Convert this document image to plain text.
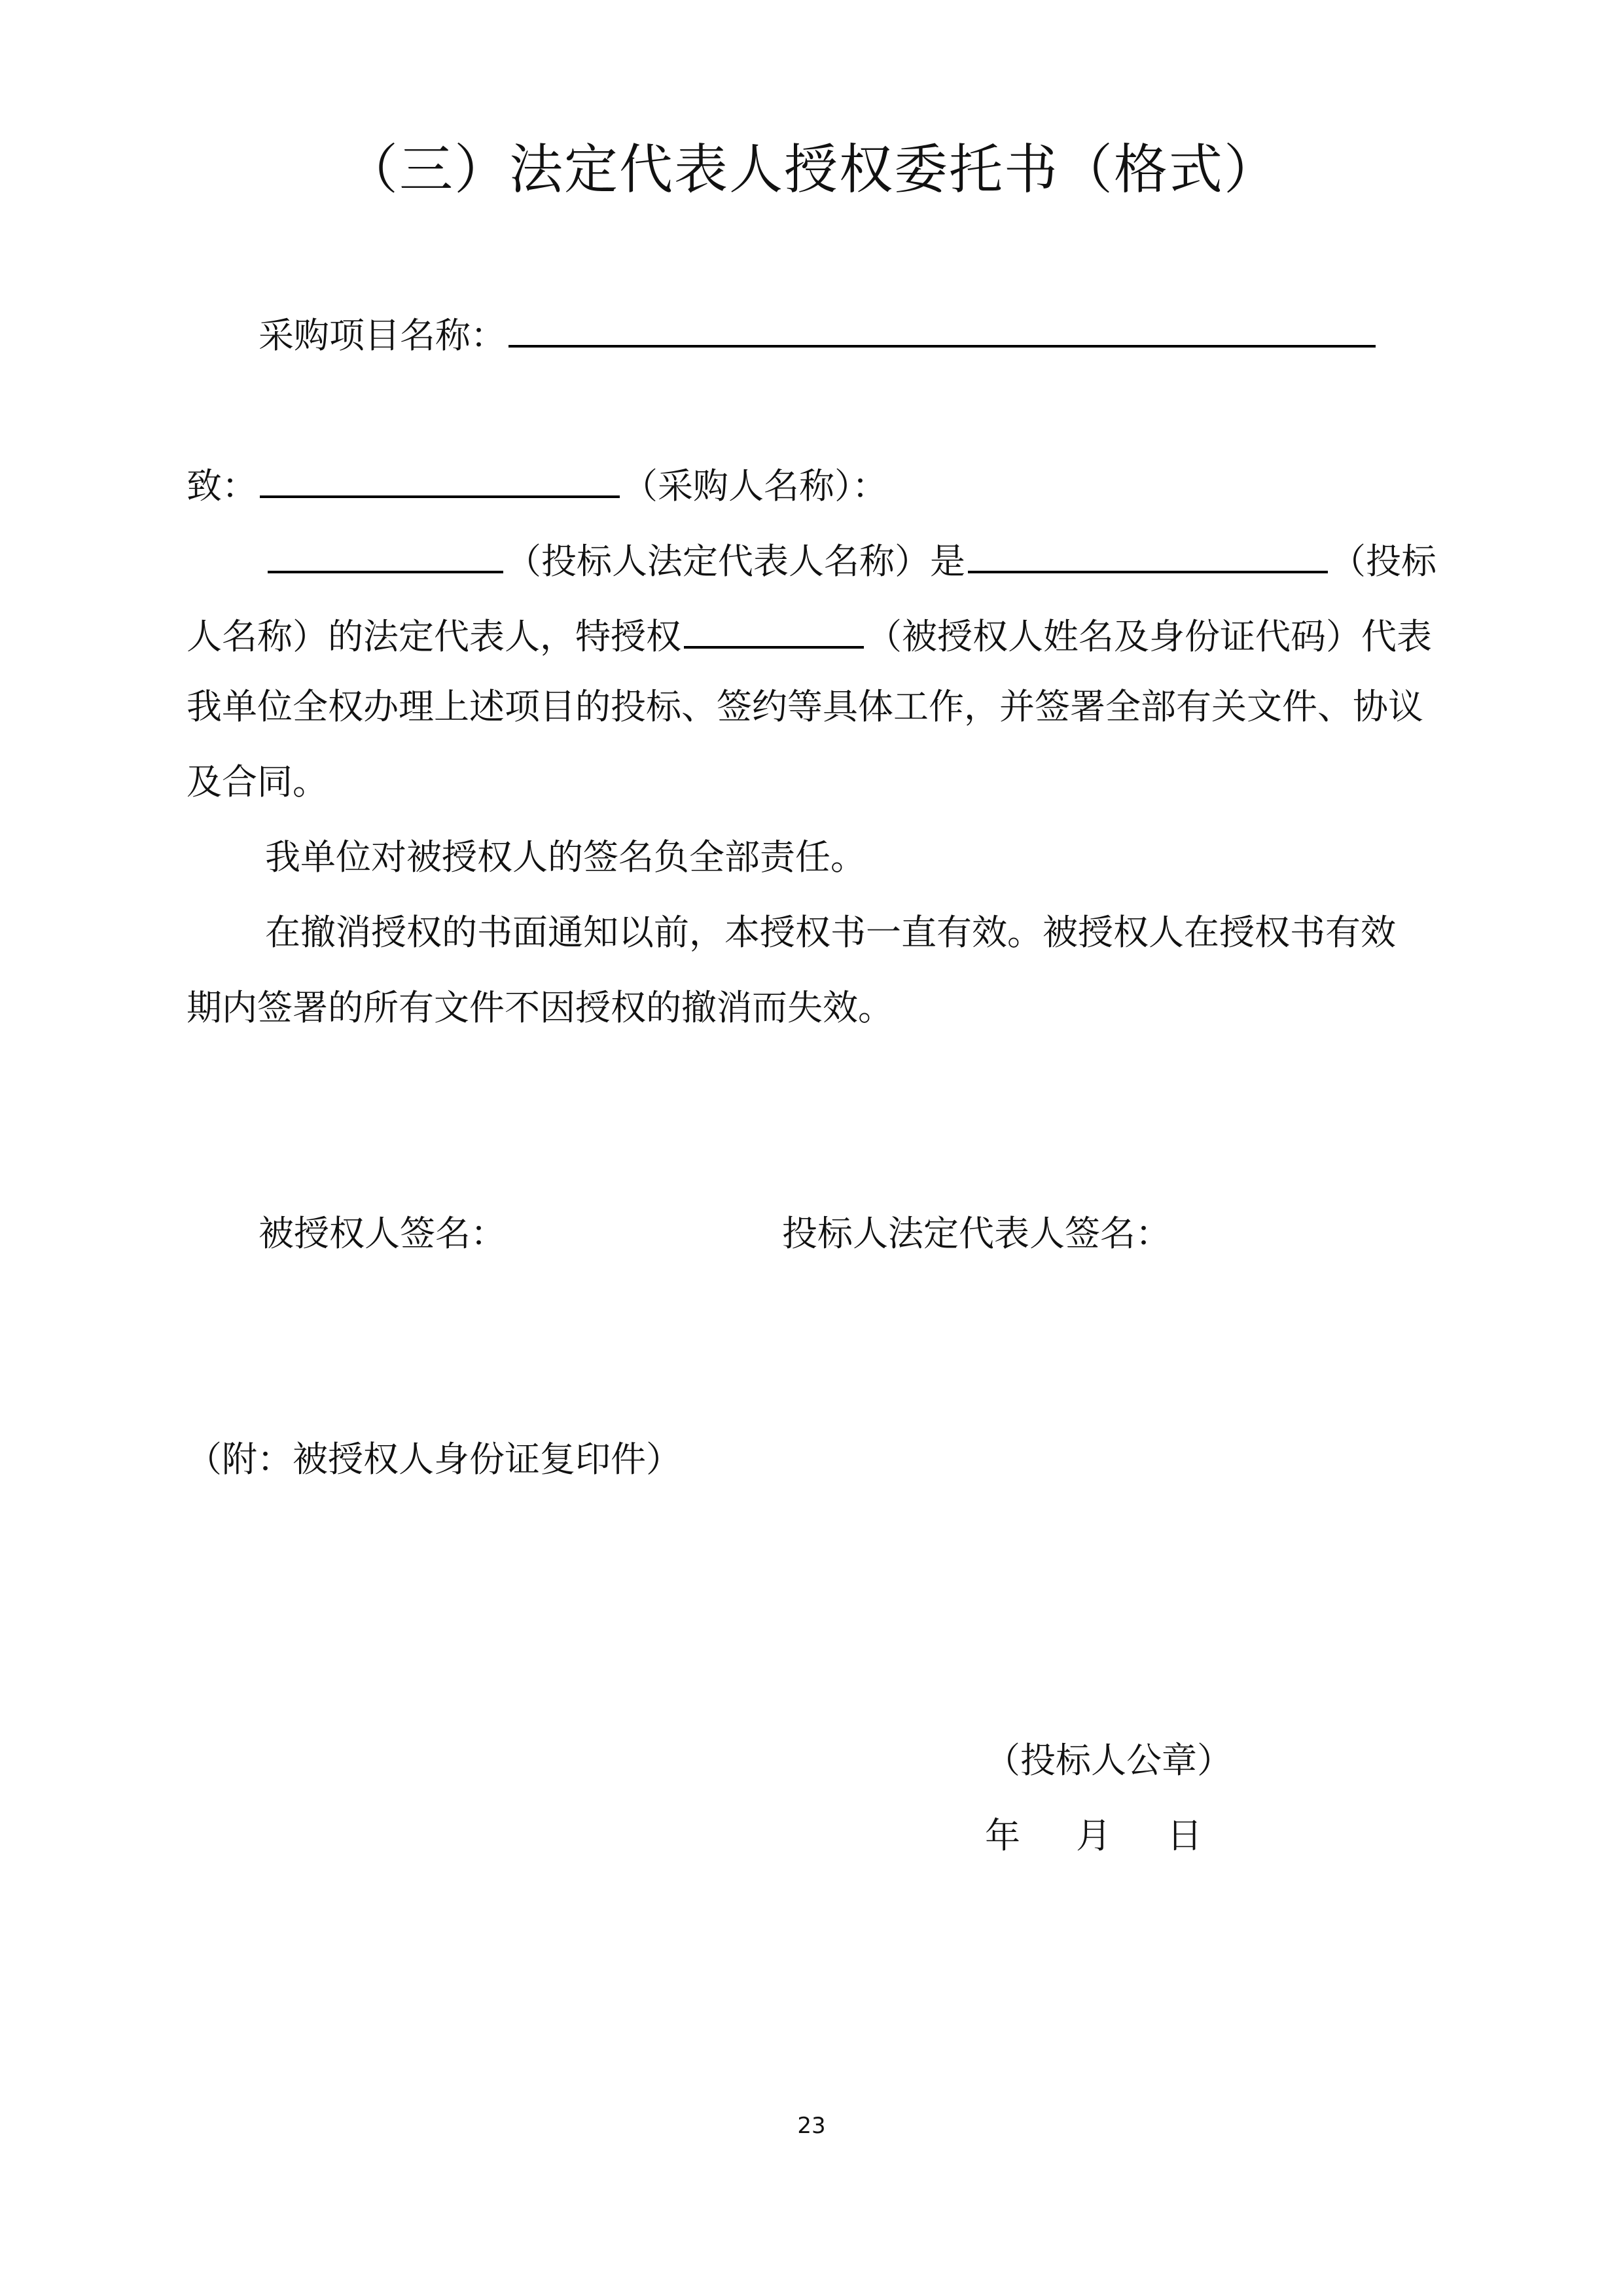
（三）法定代表人授权委托书（格式）
采购项目名称：
致：	（采购人名称）：
（投标人法定代表人名称）是	（投标
人名称）的法定代表人，特授权	（被授权人姓名及身份证代码）代表
我单位全权办理上述项目的投标、签约等具体工作，并签署全部有关文件、协议
及合同。
我单位对被授权人的签名负全部责任。
在撤消授权的书面通知以前，本授权书一直有效。被授权人在授权书有效
期内签署的所有文件不因授权的撤消而失效。
被授权人签名：	投标人法定代表人签名：
（附：被授权人身份证复印件）
（投标人公章）
年 月 日
23
